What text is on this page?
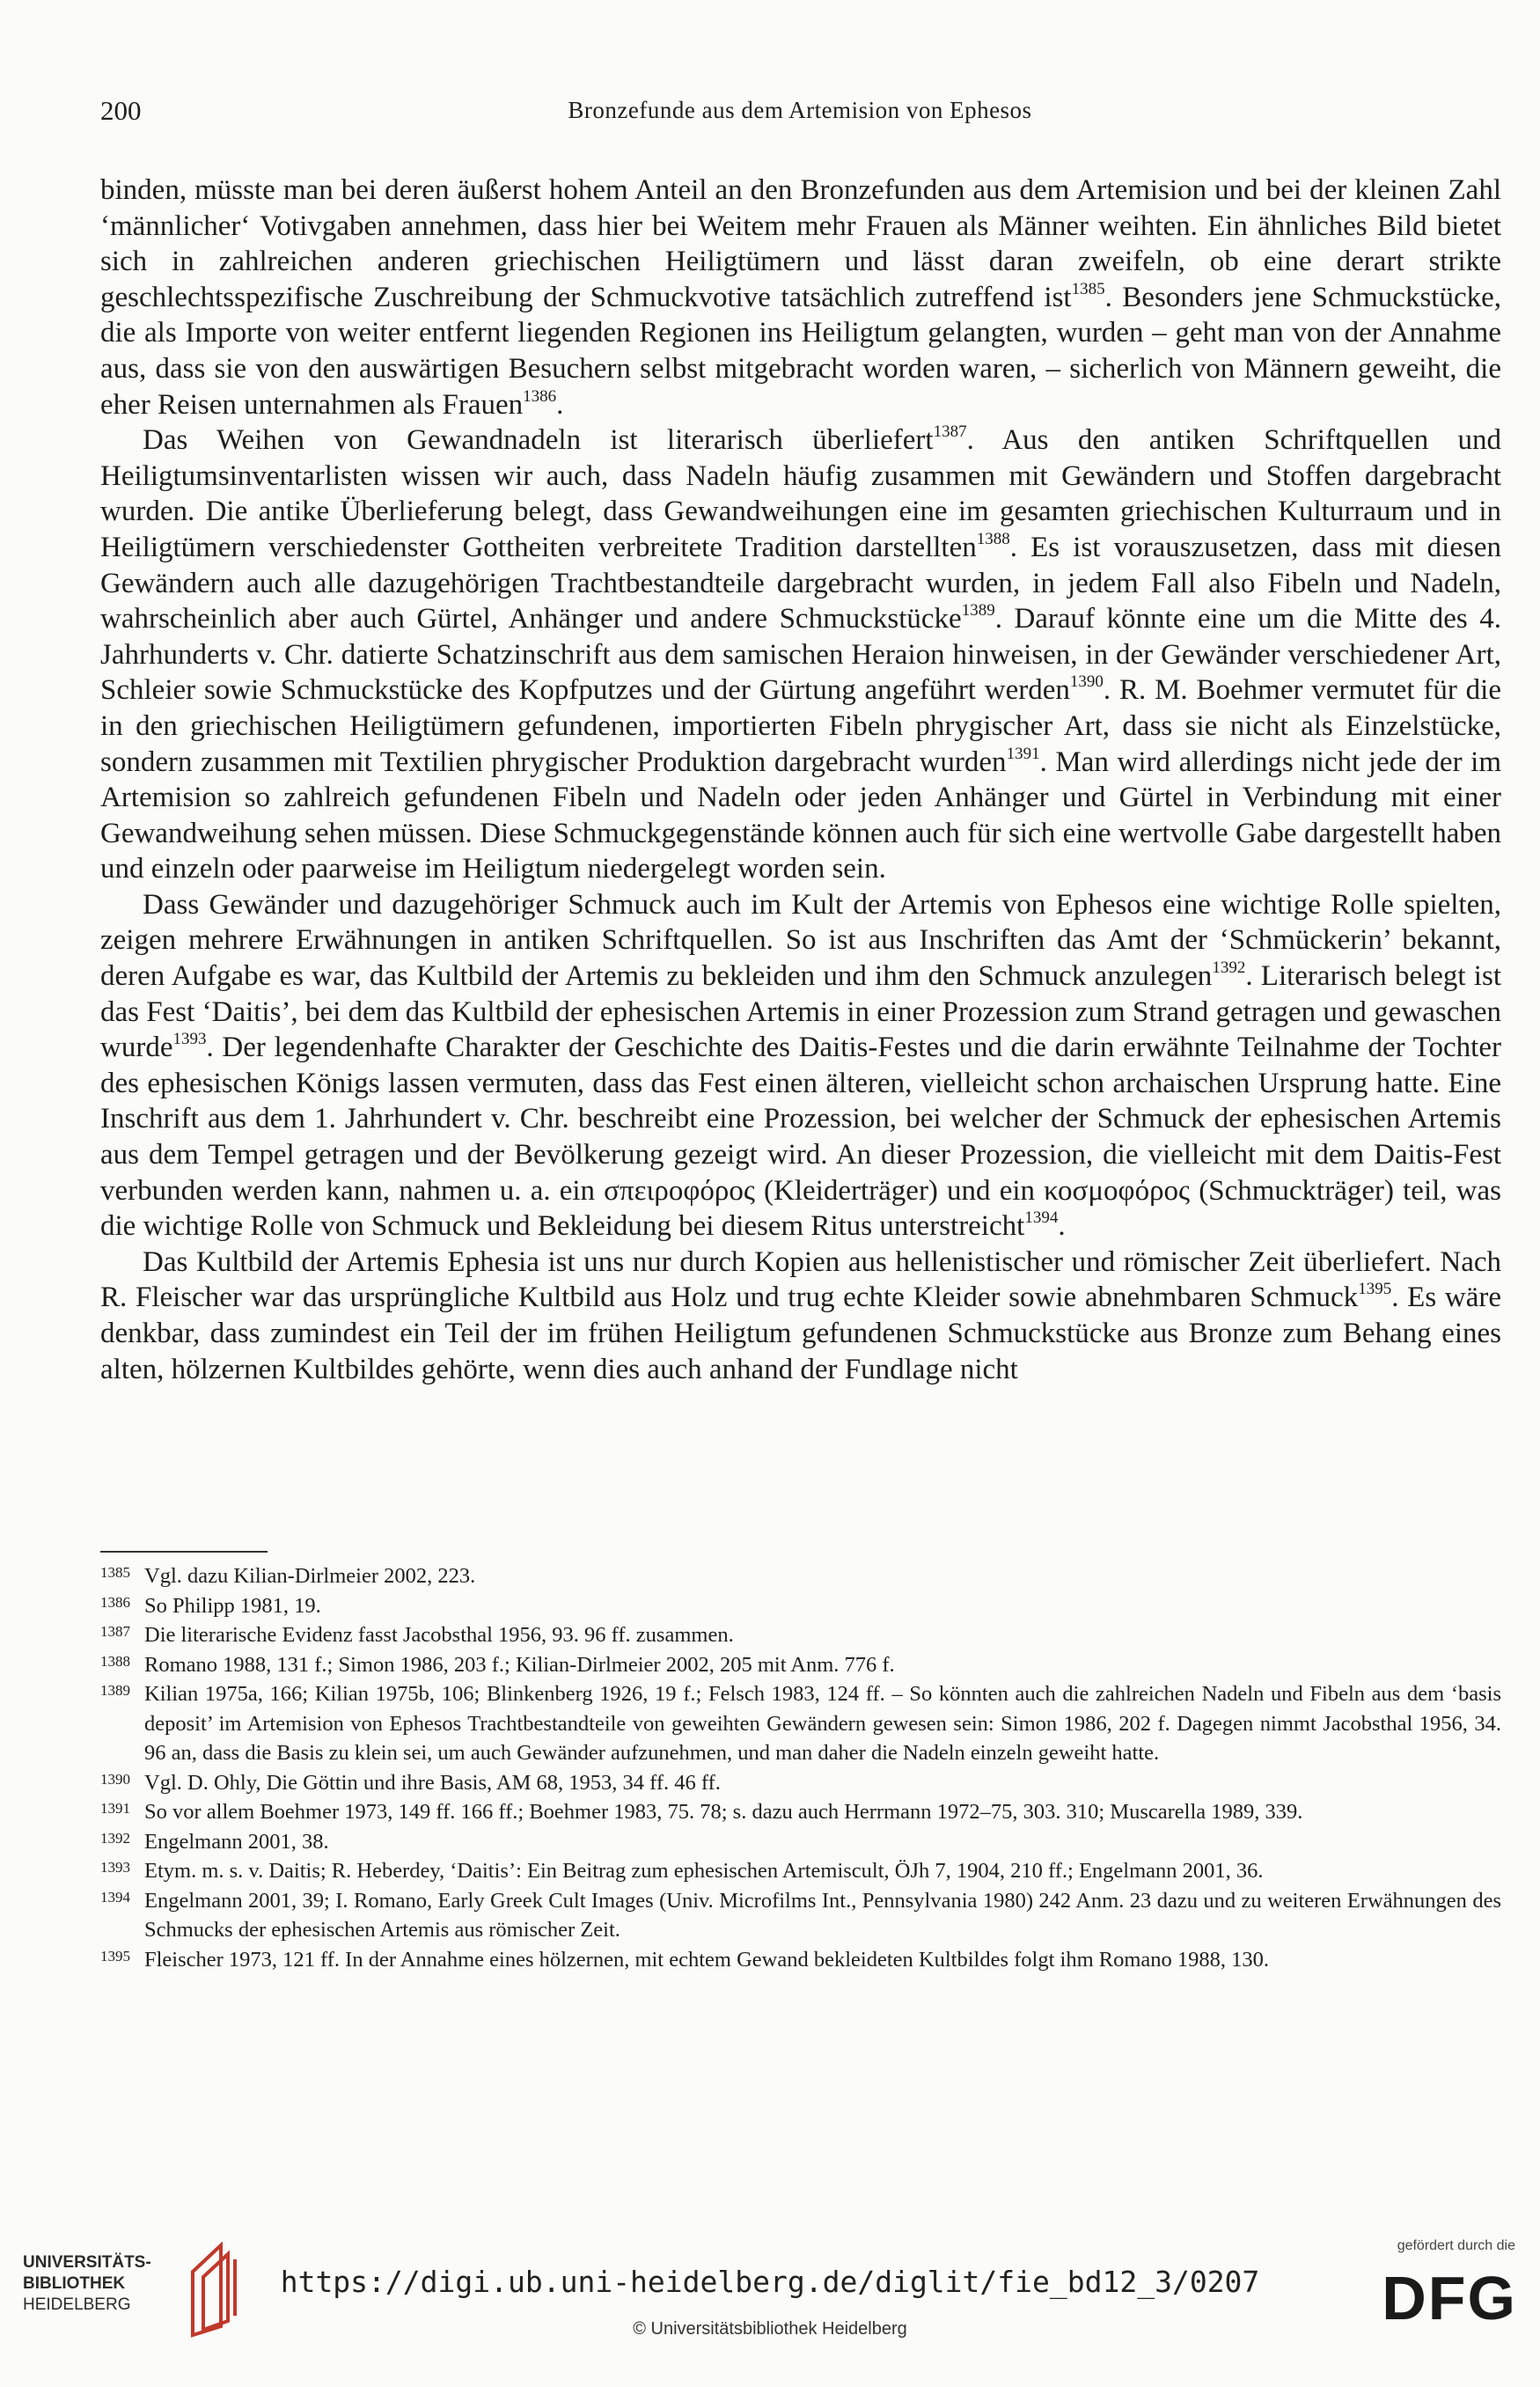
200	Bronzefunde aus dem Artemision von Ephesos

binden, müsste man bei deren äußerst hohem Anteil an den Bronzefunden aus dem Artemision und bei der kleinen Zahl ‘männlicher‘ Votivgaben annehmen, dass hier bei Weitem mehr Frauen als Männer weihten. Ein ähnliches Bild bietet sich in zahlreichen anderen griechischen Heiligtümern und lässt daran zweifeln, ob eine derart strikte geschlechtsspezifische Zuschreibung der Schmuckvotive tatsächlich zutreffend ist$^{1385}$. Besonders jene Schmuckstücke, die als Importe von weiter entfernt liegenden Regionen ins Heiligtum gelangten, wurden – geht man von der Annahme aus, dass sie von den auswärtigen Besuchern selbst mitgebracht worden waren, – sicherlich von Männern geweiht, die eher Reisen unternahmen als Frauen$^{1386}$.

Das Weihen von Gewandnadeln ist literarisch überliefert$^{1387}$. Aus den antiken Schriftquellen und Heiligtumsinventarlisten wissen wir auch, dass Nadeln häufig zusammen mit Gewändern und Stoffen dargebracht wurden. Die antike Überlieferung belegt, dass Gewandweihungen eine im gesamten griechischen Kulturraum und in Heiligtümern verschiedenster Gottheiten verbreitete Tradition darstellten$^{1388}$. Es ist vorauszusetzen, dass mit diesen Gewändern auch alle dazugehörigen Trachtbestandteile dargebracht wurden, in jedem Fall also Fibeln und Nadeln, wahrscheinlich aber auch Gürtel, Anhänger und andere Schmuckstücke$^{1389}$. Darauf könnte eine um die Mitte des 4. Jahrhunderts v. Chr. datierte Schatzinschrift aus dem samischen Heraion hinweisen, in der Gewänder verschiedener Art, Schleier sowie Schmuckstücke des Kopfputzes und der Gürtung angeführt werden$^{1390}$. R. M. Boehmer vermutet für die in den griechischen Heiligtümern gefundenen, importierten Fibeln phrygischer Art, dass sie nicht als Einzelstücke, sondern zusammen mit Textilien phrygischer Produktion dargebracht wurden$^{1391}$. Man wird allerdings nicht jede der im Artemision so zahlreich gefundenen Fibeln und Nadeln oder jeden Anhänger und Gürtel in Verbindung mit einer Gewandweihung sehen müssen. Diese Schmuckgegenstände können auch für sich eine wertvolle Gabe dargestellt haben und einzeln oder paarweise im Heiligtum niedergelegt worden sein.

Dass Gewänder und dazugehöriger Schmuck auch im Kult der Artemis von Ephesos eine wichtige Rolle spielten, zeigen mehrere Erwähnungen in antiken Schriftquellen. So ist aus Inschriften das Amt der ‘Schmückerin’ bekannt, deren Aufgabe es war, das Kultbild der Artemis zu bekleiden und ihm den Schmuck anzulegen$^{1392}$. Literarisch belegt ist das Fest ‘Daitis’, bei dem das Kultbild der ephesischen Artemis in einer Prozession zum Strand getragen und gewaschen wurde$^{1393}$. Der legendenhafte Charakter der Geschichte des Daitis-Festes und die darin erwähnte Teilnahme der Tochter des ephesischen Königs lassen vermuten, dass das Fest einen älteren, vielleicht schon archaischen Ursprung hatte. Eine Inschrift aus dem 1. Jahrhundert v. Chr. beschreibt eine Prozession, bei welcher der Schmuck der ephesischen Artemis aus dem Tempel getragen und der Bevölkerung gezeigt wird. An dieser Prozession, die vielleicht mit dem Daitis-Fest verbunden werden kann, nahmen u. a. ein σπειροφόρος (Kleiderträger) und ein κοσμοφόρος (Schmuckträger) teil, was die wichtige Rolle von Schmuck und Bekleidung bei diesem Ritus unterstreicht$^{1394}$.

Das Kultbild der Artemis Ephesia ist uns nur durch Kopien aus hellenistischer und römischer Zeit überliefert. Nach R. Fleischer war das ursprüngliche Kultbild aus Holz und trug echte Kleider sowie abnehmbaren Schmuck$^{1395}$. Es wäre denkbar, dass zumindest ein Teil der im frühen Heiligtum gefundenen Schmuckstücke aus Bronze zum Behang eines alten, hölzernen Kultbildes gehörte, wenn dies auch anhand der Fundlage nicht

1385 Vgl. dazu Kilian-Dirlmeier 2002, 223.
1386 So Philipp 1981, 19.
1387 Die literarische Evidenz fasst Jacobsthal 1956, 93. 96 ff. zusammen.
1388 Romano 1988, 131 f.; Simon 1986, 203 f.; Kilian-Dirlmeier 2002, 205 mit Anm. 776 f.
1389 Kilian 1975a, 166; Kilian 1975b, 106; Blinkenberg 1926, 19 f.; Felsch 1983, 124 ff. – So könnten auch die zahlreichen Nadeln und Fibeln aus dem ‘basis deposit’ im Artemision von Ephesos Trachtbestandteile von geweihten Gewändern gewesen sein: Simon 1986, 202 f. Dagegen nimmt Jacobsthal 1956, 34. 96 an, dass die Basis zu klein sei, um auch Gewänder aufzunehmen, und man daher die Nadeln einzeln geweiht hatte.
1390 Vgl. D. Ohly, Die Göttin und ihre Basis, AM 68, 1953, 34 ff. 46 ff.
1391 So vor allem Boehmer 1973, 149 ff. 166 ff.; Boehmer 1983, 75. 78; s. dazu auch Herrmann 1972–75, 303. 310; Muscarella 1989, 339.
1392 Engelmann 2001, 38.
1393 Etym. m. s. v. Daitis; R. Heberdey, ‘Daitis’: Ein Beitrag zum ephesischen Artemiscult, ÖJh 7, 1904, 210 ff.; Engelmann 2001, 36.
1394 Engelmann 2001, 39; I. Romano, Early Greek Cult Images (Univ. Microfilms Int., Pennsylvania 1980) 242 Anm. 23 dazu und zu weiteren Erwähnungen des Schmucks der ephesischen Artemis aus römischer Zeit.
1395 Fleischer 1973, 121 ff. In der Annahme eines hölzernen, mit echtem Gewand bekleideten Kultbildes folgt ihm Romano 1988, 130.
UNIVERSITÄTS-
BIBLIOTHEK
HEIDELBERG
https://digi.ub.uni-heidelberg.de/diglit/fie_bd12_3/0207
© Universitätsbibliothek Heidelberg
gefördert durch die
DFG
